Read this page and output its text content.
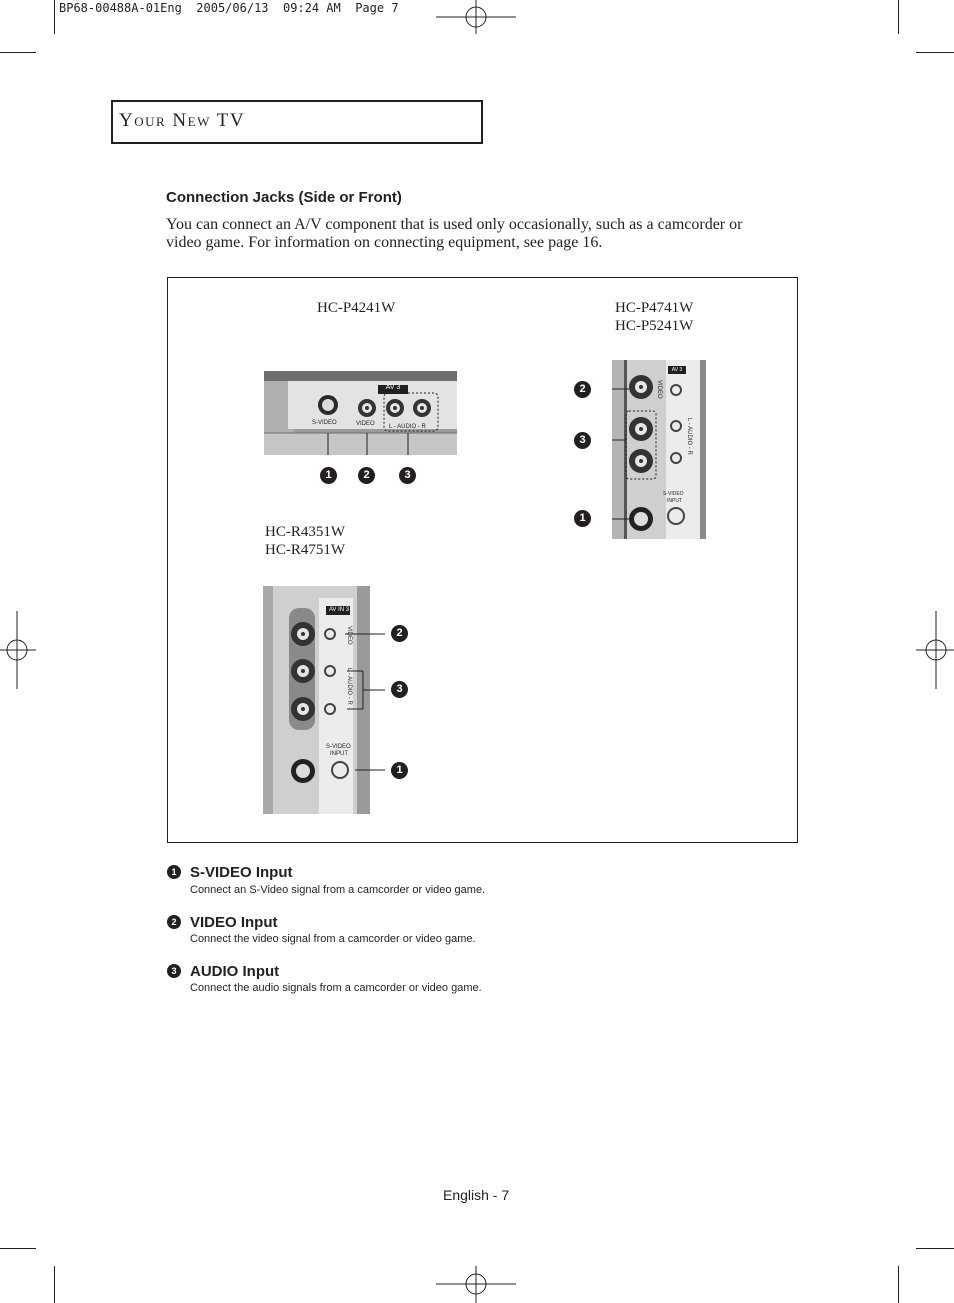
BP68-00488A-01Eng  2005/06/13  09:24 AM  Page 7
Your New TV
Connection Jacks (Side or Front)
You can connect an A/V component that is used only occasionally, such as a camcorder or video game. For information on connecting equipment, see page 16.
HC-P4241W	HC-P4741W
HC-P5241W
HC-R4351W
HC-R4751W
AV 3
S-VIDEO	VIDEO L - AUDIO - R
1	2	3
AV 3
VIDEO
L - AUDIO - R
S-VIDEO
INPUT
2
3
1
AV IN 3
VIDEO
L - AUDIO - R
S-VIDEO
INPUT
2
3
1
1 S-VIDEO Input
Connect an S-Video signal from a camcorder or video game.
2 VIDEO Input
Connect the video signal from a camcorder or video game.
3 AUDIO Input
Connect the audio signals from a camcorder or video game.
English - 7
